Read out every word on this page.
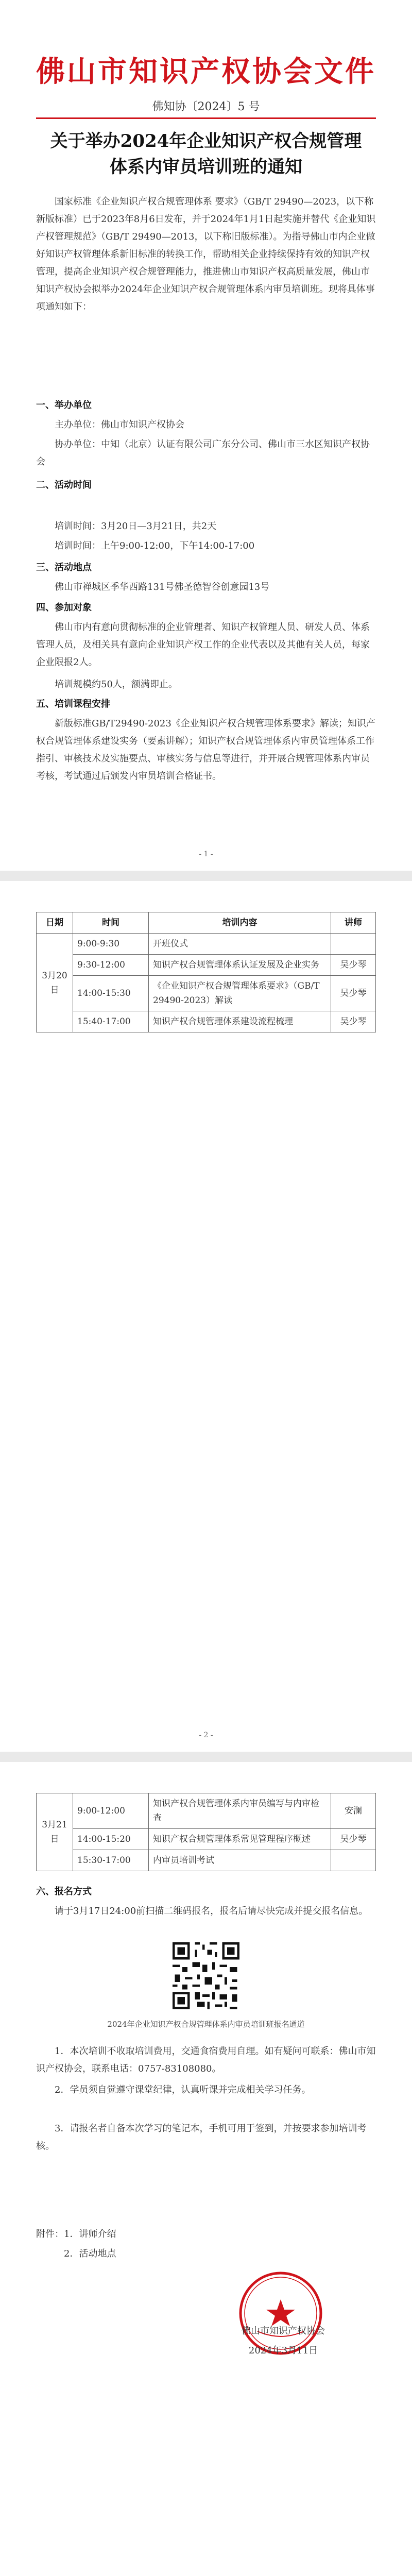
佛山市知识产权协会文件
佛知协〔2024〕5 号
关于举办2024年企业知识产权合规管理
体系内审员培训班的通知

国家标准《企业知识产权合规管理体系 要求》（GB/T 29490—2023，以下称新版标准）已于2023年8月6日发布，并于2024年1月1日起实施并替代《企业知识产权管理规范》（GB/T 29490—2013，以下称旧版标准）。为指导佛山市内企业做好知识产权管理体系新旧标准的转换工作，帮助相关企业持续保持有效的知识产权管理，提高企业知识产权合规管理能力，推进佛山市知识产权高质量发展，佛山市知识产权协会拟举办2024年企业知识产权合规管理体系内审员培训班。现将具体事项通知如下：

一、举办单位

主办单位：佛山市知识产权协会

协办单位：中知（北京）认证有限公司广东分公司、佛山市三水区知识产权协会

二、活动时间

培训时间：3月20日—3月21日，共2天

培训时间：上午9:00-12:00，下午14:00-17:00

三、活动地点

佛山市禅城区季华西路131号佛圣德智谷创意园13号

四、参加对象

佛山市内有意向贯彻标准的企业管理者、知识产权管理人员、研发人员、体系管理人员，及相关具有意向企业知识产权工作的企业代表以及其他有关人员，每家企业限报2人。

培训规模约50人，额满即止。

五、培训课程安排

新版标准GB/T29490-2023《企业知识产权合规管理体系要求》解读；知识产权合规管理体系建设实务（要素讲解）；知识产权合规管理体系内审员管理体系工作指引、审核技术及实施要点、审核实务与信息等进行，并开展合规管理体系内审员考核，考试通过后颁发内审员培训合格证书。

- 1 -
日期	时间	培训内容	讲师
3月20日	9:00-9:30	开班仪式	
	9:30-12:00	知识产权合规管理体系认证发展及企业实务	吴少琴
	14:00-15:30	《企业知识产权合规管理体系要求》（GB/T 29490-2023）解读	吴少琴
	15:40-17:00	知识产权合规管理体系建设流程梳理	吴少琴
- 2 -
3月21日	9:00-12:00	知识产权合规管理体系内审员编写与内审检查	安澜
	14:00-15:20	知识产权合规管理体系常见管理程序概述	吴少琴
	15:30-17:00	内审员培训考试	

六、报名方式

请于3月17日24:00前扫描二维码报名，报名后请尽快完成并提交报名信息。

2024年企业知识产权合规管理体系内审员培训班报名通道

1．本次培训不收取培训费用，交通食宿费用自理。如有疑问可联系：佛山市知识产权协会，联系电话：0757-83108080。

2．学员须自觉遵守课堂纪律，认真听课并完成相关学习任务。

3．请报名者自备本次学习的笔记本，手机可用于签到，并按要求参加培训考核。

附件：1．讲师介绍

2．活动地点

佛山市知识产权协会
2024年3月11日
